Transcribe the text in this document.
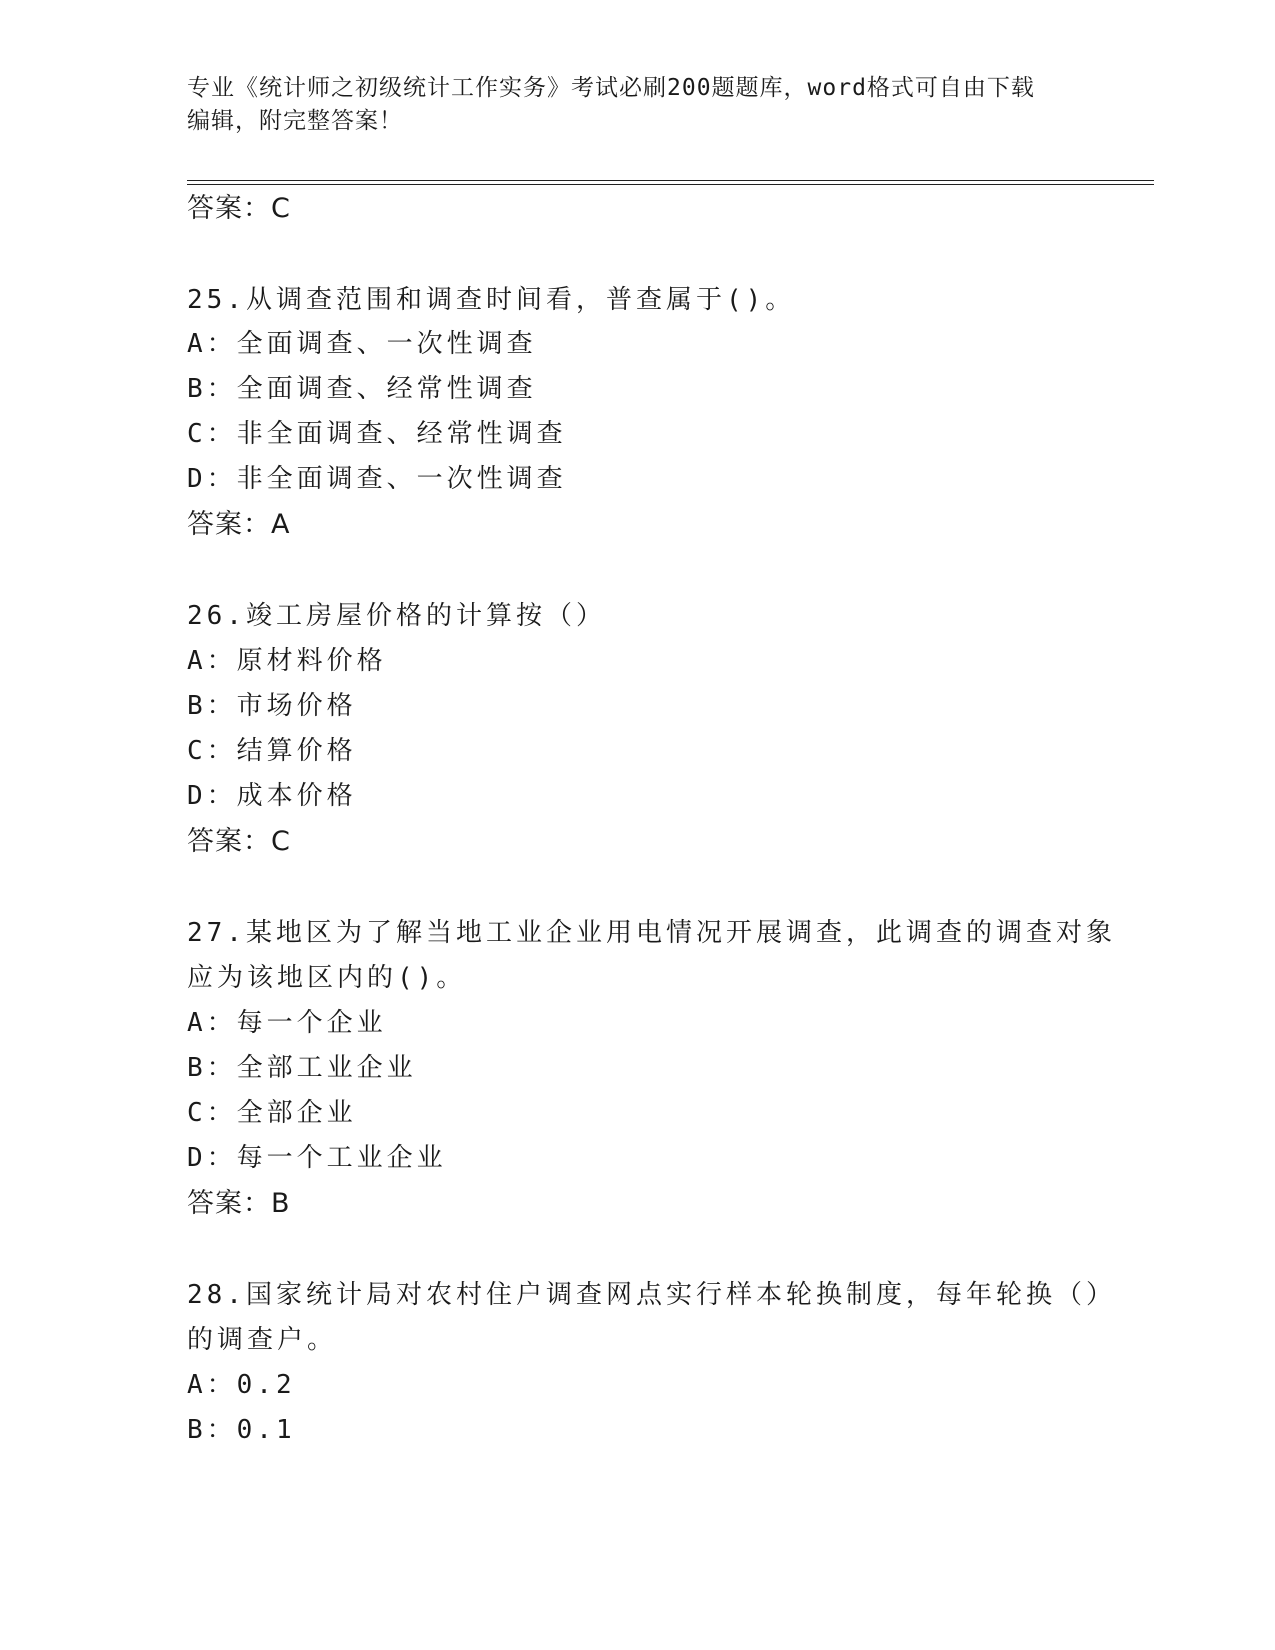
专业《统计师之初级统计工作实务》考试必刷200题题库，word格式可自由下载
编辑，附完整答案！
答案：C
25.从调查范围和调查时间看，普查属于()。
A：全面调查、一次性调查
B：全面调查、经常性调查
C：非全面调查、经常性调查
D：非全面调查、一次性调查
答案：A
26.竣工房屋价格的计算按（）
A：原材料价格
B：市场价格
C：结算价格
D：成本价格
答案：C
27.某地区为了解当地工业企业用电情况开展调查，此调查的调查对象
应为该地区内的()。
A：每一个企业
B：全部工业企业
C：全部企业
D：每一个工业企业
答案：B
28.国家统计局对农村住户调查网点实行样本轮换制度，每年轮换（）
的调查户。
A：0.2
B：0.1
